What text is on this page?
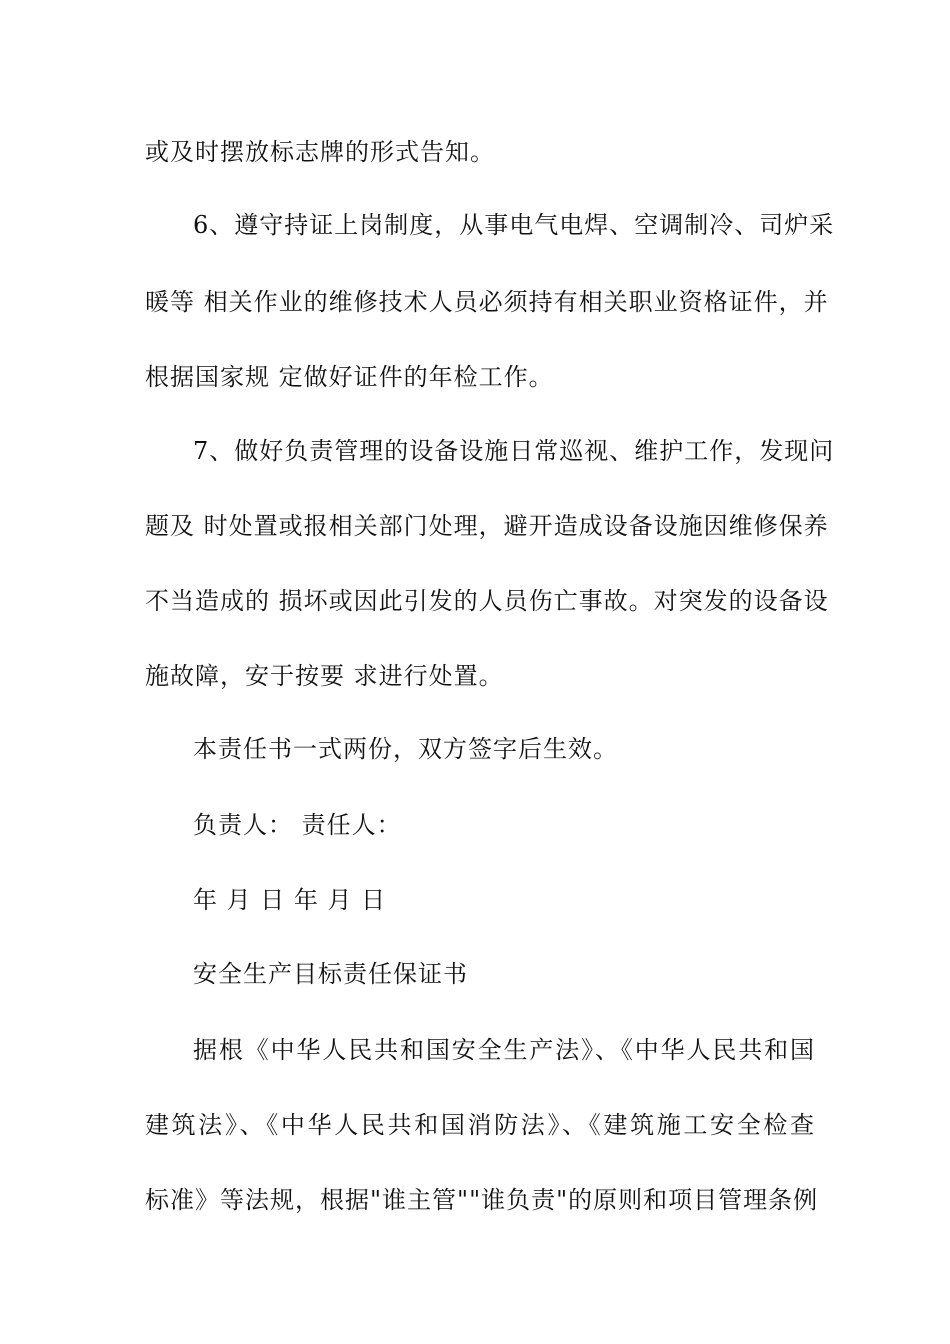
或及时摆放标志牌的形式告知。
6、遵守持证上岗制度，从事电气电焊、空调制冷、司炉采
暖等 相关作业的维修技术人员必须持有相关职业资格证件，并
根据国家规 定做好证件的年检工作。
7、做好负责管理的设备设施日常巡视、维护工作，发现问
题及 时处置或报相关部门处理，避开造成设备设施因维修保养
不当造成的 损坏或因此引发的人员伤亡事故。对突发的设备设
施故障，安于按要 求进行处置。
本责任书一式两份，双方签字后生效。
负责人： 责任人：
年 月 日 年 月 日
安全生产目标责任保证书
据根《中华人民共和国安全生产法》、《中华人民共和国
建筑法》、《中华人民共和国消防法》、《建筑施工安全检查
标准》等法规，根据"谁主管""谁负责"的原则和项目管理条例
